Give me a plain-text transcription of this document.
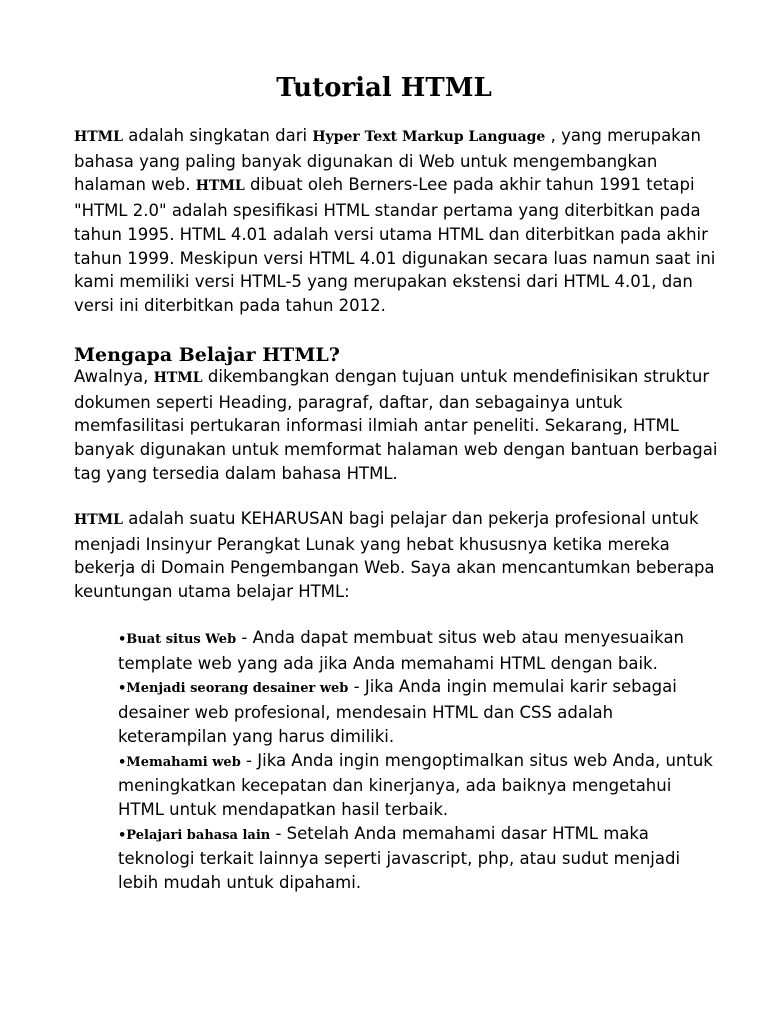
Tutorial HTML

HTML adalah singkatan dari Hyper Text Markup Language , yang merupakan bahasa yang paling banyak digunakan di Web untuk mengembangkan halaman web. HTML dibuat oleh Berners-Lee pada akhir tahun 1991 tetapi "HTML 2.0" adalah spesifikasi HTML standar pertama yang diterbitkan pada tahun 1995. HTML 4.01 adalah versi utama HTML dan diterbitkan pada akhir tahun 1999. Meskipun versi HTML 4.01 digunakan secara luas namun saat ini kami memiliki versi HTML-5 yang merupakan ekstensi dari HTML 4.01, dan versi ini diterbitkan pada tahun 2012.

Mengapa Belajar HTML?

Awalnya, HTML dikembangkan dengan tujuan untuk mendefinisikan struktur dokumen seperti Heading, paragraf, daftar, dan sebagainya untuk memfasilitasi pertukaran informasi ilmiah antar peneliti. Sekarang, HTML banyak digunakan untuk memformat halaman web dengan bantuan berbagai tag yang tersedia dalam bahasa HTML.

HTML adalah suatu KEHARUSAN bagi pelajar dan pekerja profesional untuk menjadi Insinyur Perangkat Lunak yang hebat khususnya ketika mereka bekerja di Domain Pengembangan Web. Saya akan mencantumkan beberapa keuntungan utama belajar HTML:

•Buat situs Web - Anda dapat membuat situs web atau menyesuaikan template web yang ada jika Anda memahami HTML dengan baik.

•Menjadi seorang desainer web - Jika Anda ingin memulai karir sebagai desainer web profesional, mendesain HTML dan CSS adalah keterampilan yang harus dimiliki.

•Memahami web - Jika Anda ingin mengoptimalkan situs web Anda, untuk meningkatkan kecepatan dan kinerjanya, ada baiknya mengetahui HTML untuk mendapatkan hasil terbaik.

•Pelajari bahasa lain - Setelah Anda memahami dasar HTML maka teknologi terkait lainnya seperti javascript, php, atau sudut menjadi lebih mudah untuk dipahami.
